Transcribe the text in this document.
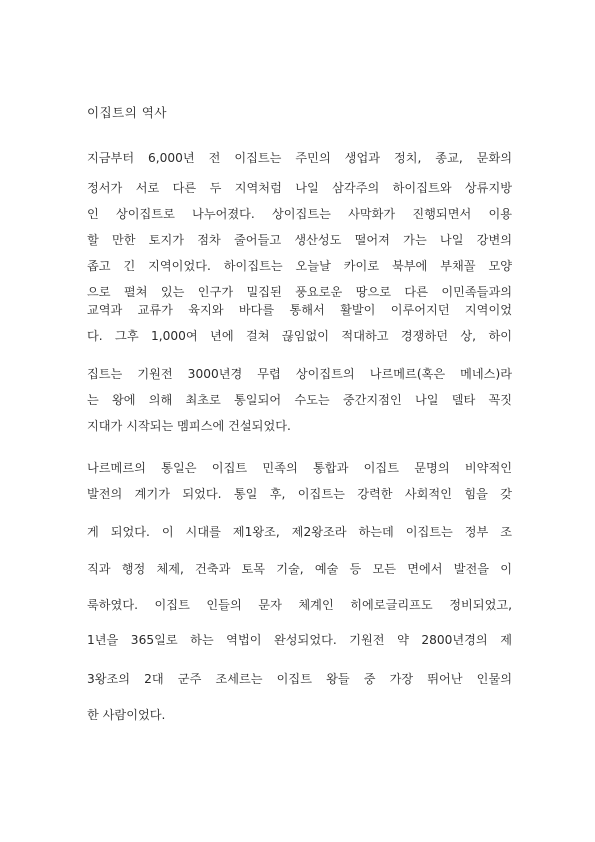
이집트의 역사
지금부터 6,000년 전 이집트는 주민의 생업과 정치, 종교, 문화의
정서가 서로 다른 두 지역처럼 나일 삼각주의 하이집트와 상류지방
인 상이집트로 나누어졌다. 상이집트는 사막화가 진행되면서 이용
할 만한 토지가 점차 줄어들고 생산성도 떨어져 가는 나일 강변의
좁고 긴 지역이었다. 하이집트는 오늘날 카이로 북부에 부채꼴 모양
으로 펼쳐 있는 인구가 밀집된 풍요로운 땅으로 다른 이민족들과의
교역과 교류가 육지와 바다를 통해서 활발이 이루어지던 지역이었
다. 그후 1,000여 년에 걸쳐 끊임없이 적대하고 경쟁하던 상, 하이
집트는 기원전 3000년경 무렵 상이집트의 나르메르(혹은 메네스)라
는 왕에 의해 최초로 통일되어 수도는 중간지점인 나일 델타 꼭짓
지대가 시작되는 멤피스에 건설되었다.
나르메르의 통일은 이집트 민족의 통합과 이집트 문명의 비약적인
발전의 계기가 되었다. 통일 후, 이집트는 강력한 사회적인 힘을 갖
게 되었다. 이 시대를 제1왕조, 제2왕조라 하는데 이집트는 정부 조
직과 행정 체제, 건축과 토목 기술, 예술 등 모든 면에서 발전을 이
룩하였다. 이집트 인들의 문자 체계인 히에로글리프도 정비되었고,
1년을 365일로 하는 역법이 완성되었다. 기원전 약 2800년경의 제
3왕조의 2대 군주 조세르는 이집트 왕들 중 가장 뛰어난 인물의
한 사람이었다.
